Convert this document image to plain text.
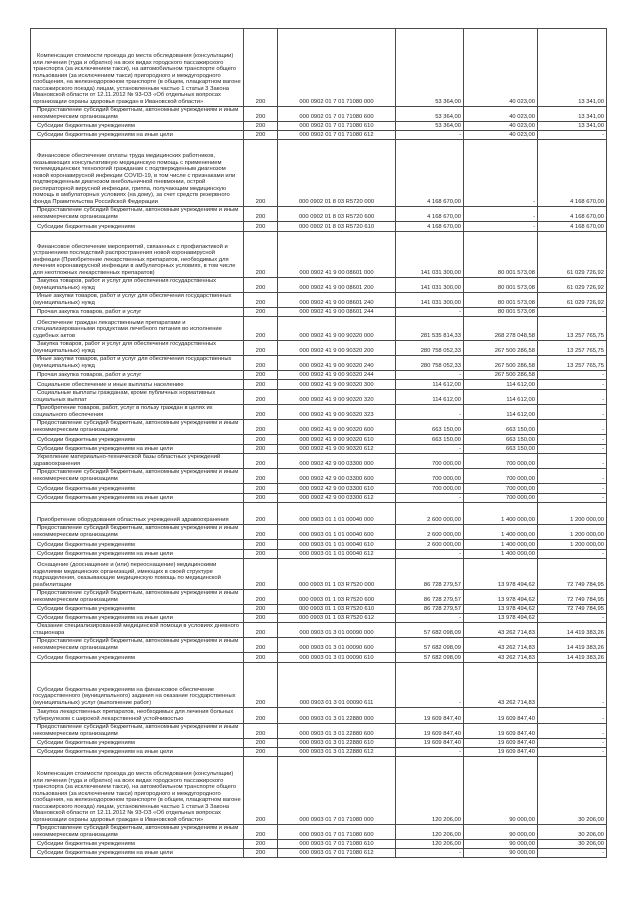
Компенсация стоимости проезда до места обследования (консультации) или лечения (туда и обратно) на всех видах городского пассажирского транспорта (за исключением такси), на автомобильном транспорте общего пользования (за исключением такси) пригородного и междугородного сообщения, на железнодорожном транспорте (в общем, плацкартном вагоне пассажирского поезда) лицам, установленным частью 1 статьи 3 Закона Ивановской области от 12.11.2012 № 93-ОЗ «Об отдельных вопросах организации охраны здоровья граждан в Ивановской области»	200	000 0902 01 7 01 71080 000	53 364,00	40 023,00	13 341,00
Предоставление субсидий бюджетным, автономным учреждениям и иным некоммерческим организациям	200	000 0902 01 7 01 71080 600	53 364,00	40 023,00	13 341,00
Субсидии бюджетным учреждениям	200	000 0902 01 7 01 71080 610	53 364,00	40 023,00	13 341,00
Субсидии бюджетным учреждениям на иные цели	200	000 0902 01 7 01 71080 612	-	40 023,00	-
Финансовое обеспечение оплаты труда медицинских работников, оказывающих консультативную медицинскую помощь с применением телемедицинских технологий гражданам с подтвержденным диагнозом новой коронавирусной инфекции COVID-19, в том числе с признаками или подтвержденным диагнозом внебольничной пневмонии, острой респираторной вирусной инфекции, гриппа, получающим медицинскую помощь в амбулаторных условиях (на дому), за счет средств резервного фонда Правительства Российской Федерации	200	000 0902 01 8 03 R5720 000	4 168 670,00	-	4 168 670,00
Предоставление субсидий бюджетным, автономным учреждениям и иным некоммерческим организациям	200	000 0902 01 8 03 R5720 600	4 168 670,00	-	4 168 670,00
Субсидии бюджетным учреждениям	200	000 0902 01 8 03 R5720 610	4 168 670,00	-	4 168 670,00
Финансовое обеспечение мероприятий, связанных с профилактикой и устранением последствий распространения новой коронавирусной инфекции (Приобретение лекарственных препаратов, необходимых для лечения коронавирусной инфекции в амбулаторных условиях, в том числе для неотложных лекарственных препаратов)	200	000 0902 41 9 00 08601 000	141 031 300,00	80 001 573,08	61 029 726,92
Закупка товаров, работ и услуг для обеспечения государственных (муниципальных) нужд	200	000 0902 41 9 00 08601 200	141 031 300,00	80 001 573,08	61 029 726,92
Иные закупки товаров, работ и услуг для обеспечения государственных (муниципальных) нужд	200	000 0902 41 9 00 08601 240	141 031 300,00	80 001 573,08	61 029 726,92
Прочая закупка товаров, работ и услуг	200	000 0902 41 9 00 08601 244	-	80 001 573,08	-
Обеспечение граждан лекарственными препаратами и специализированными продуктами лечебного питания во исполнение судебных актов	200	000 0902 41 9 00 90320 000	281 535 814,33	268 278 048,58	13 257 765,75
Закупка товаров, работ и услуг для обеспечения государственных (муниципальных) нужд	200	000 0902 41 9 00 90320 200	280 758 052,33	267 500 286,58	13 257 765,75
Иные закупки товаров, работ и услуг для обеспечения государственных (муниципальных) нужд	200	000 0902 41 9 00 90320 240	280 758 052,33	267 500 286,58	13 257 765,75
Прочая закупка товаров, работ и услуг	200	000 0902 41 9 00 90320 244	-	267 500 286,58	-
Социальное обеспечение и иные выплаты населению	200	000 0902 41 9 00 90320 300	114 612,00	114 612,00	-
Социальные выплаты гражданам, кроме публичных нормативных социальных выплат	200	000 0902 41 9 00 90320 320	114 612,00	114 612,00	-
Приобретение товаров, работ, услуг в пользу граждан в целях их социального обеспечения	200	000 0902 41 9 00 90320 323	-	114 612,00	-
Предоставление субсидий бюджетным, автономным учреждениям и иным некоммерческим организациям	200	000 0902 41 9 00 90320 600	663 150,00	663 150,00	-
Субсидии бюджетным учреждениям	200	000 0902 41 9 00 90320 610	663 150,00	663 150,00	-
Субсидии бюджетным учреждениям на иные цели	200	000 0902 41 9 00 90320 612	-	663 150,00	-
Укрепление материально-технической базы областных учреждений здравоохранения	200	000 0902 42 9 00 03300 000	700 000,00	700 000,00	-
Предоставление субсидий бюджетным, автономным учреждениям и иным некоммерческим организациям	200	000 0902 42 9 00 03300 600	700 000,00	700 000,00	-
Субсидии бюджетным учреждениям	200	000 0902 42 9 00 03300 610	700 000,00	700 000,00	-
Субсидии бюджетным учреждениям на иные цели	200	000 0902 42 9 00 03300 612	-	700 000,00	-
Приобретение оборудования областных учреждений здравоохранения	200	000 0903 01 1 01 00040 000	2 600 000,00	1 400 000,00	1 200 000,00
Предоставление субсидий бюджетным, автономным учреждениям и иным некоммерческим организациям	200	000 0903 01 1 01 00040 600	2 600 000,00	1 400 000,00	1 200 000,00
Субсидии бюджетным учреждениям	200	000 0903 01 1 01 00040 610	2 600 000,00	1 400 000,00	1 200 000,00
Субсидии бюджетным учреждениям на иные цели	200	000 0903 01 1 01 00040 612	-	1 400 000,00	-
Оснащение (дооснащение и (или) переоснащение) медицинскими изделиями медицинских организаций, имеющих в своей структуре подразделения, оказывающие медицинскую помощь по медицинской реабилитации	200	000 0903 01 1 03 R7520 000	86 728 279,57	13 978 494,62	72 749 784,95
Предоставление субсидий бюджетным, автономным учреждениям и иным некоммерческим организациям	200	000 0903 01 1 03 R7520 600	86 728 279,57	13 978 494,62	72 749 784,95
Субсидии бюджетным учреждениям	200	000 0903 01 1 03 R7520 610	86 728 279,57	13 978 494,62	72 749 784,95
Субсидии бюджетным учреждениям на иные цели	200	000 0903 01 1 03 R7520 612	-	13 978 494,62	-
Оказание специализированной медицинской помощи в условиях дневного стационара	200	000 0903 01 3 01 00090 000	57 682 098,09	43 262 714,83	14 419 383,26
Предоставление субсидий бюджетным, автономным учреждениям и иным некоммерческим организациям	200	000 0903 01 3 01 00090 600	57 682 098,09	43 262 714,83	14 419 383,26
Субсидии бюджетным учреждениям	200	000 0903 01 3 01 00090 610	57 682 098,09	43 262 714,83	14 419 383,26
Субсидии бюджетным учреждениям на финансовое обеспечение государственного (муниципального) задания на оказание государственных (муниципальных) услуг (выполнение работ)	200	000 0903 01 3 01 00090 611	-	43 262 714,83	-
Закупка лекарственных препаратов, необходимых для лечения больных туберкулезом с широкой лекарственной устойчивостью	200	000 0903 01 3 01 22880 000	19 609 847,40	19 609 847,40	-
Предоставление субсидий бюджетным, автономным учреждениям и иным некоммерческим организациям	200	000 0903 01 3 01 22880 600	19 609 847,40	19 609 847,40	-
Субсидии бюджетным учреждениям	200	000 0903 01 3 01 22880 610	19 609 847,40	19 609 847,40	-
Субсидии бюджетным учреждениям на иные цели	200	000 0903 01 3 01 22880 612	-	19 609 847,40	-
Компенсация стоимости проезда до места обследования (консультации) или лечения (туда и обратно) на всех видах городского пассажирского транспорта (за исключением такси), на автомобильном транспорте общего пользования (за исключением такси) пригородного и междугородного сообщения, на железнодорожном транспорте (в общем, плацкартном вагоне пассажирского поезда) лицам, установленным частью 1 статьи 3 Закона Ивановской области от 12.11.2012 № 93-ОЗ «Об отдельных вопросах организации охраны здоровья граждан в Ивановской области»	200	000 0903 01 7 01 71080 000	120 206,00	90 000,00	30 206,00
Предоставление субсидий бюджетным, автономным учреждениям и иным некоммерческим организациям	200	000 0903 01 7 01 71080 600	120 206,00	90 000,00	30 206,00
Субсидии бюджетным учреждениям	200	000 0903 01 7 01 71080 610	120 206,00	90 000,00	30 206,00
Субсидии бюджетным учреждениям на иные цели	200	000 0903 01 7 01 71080 612	-	90 000,00	-
